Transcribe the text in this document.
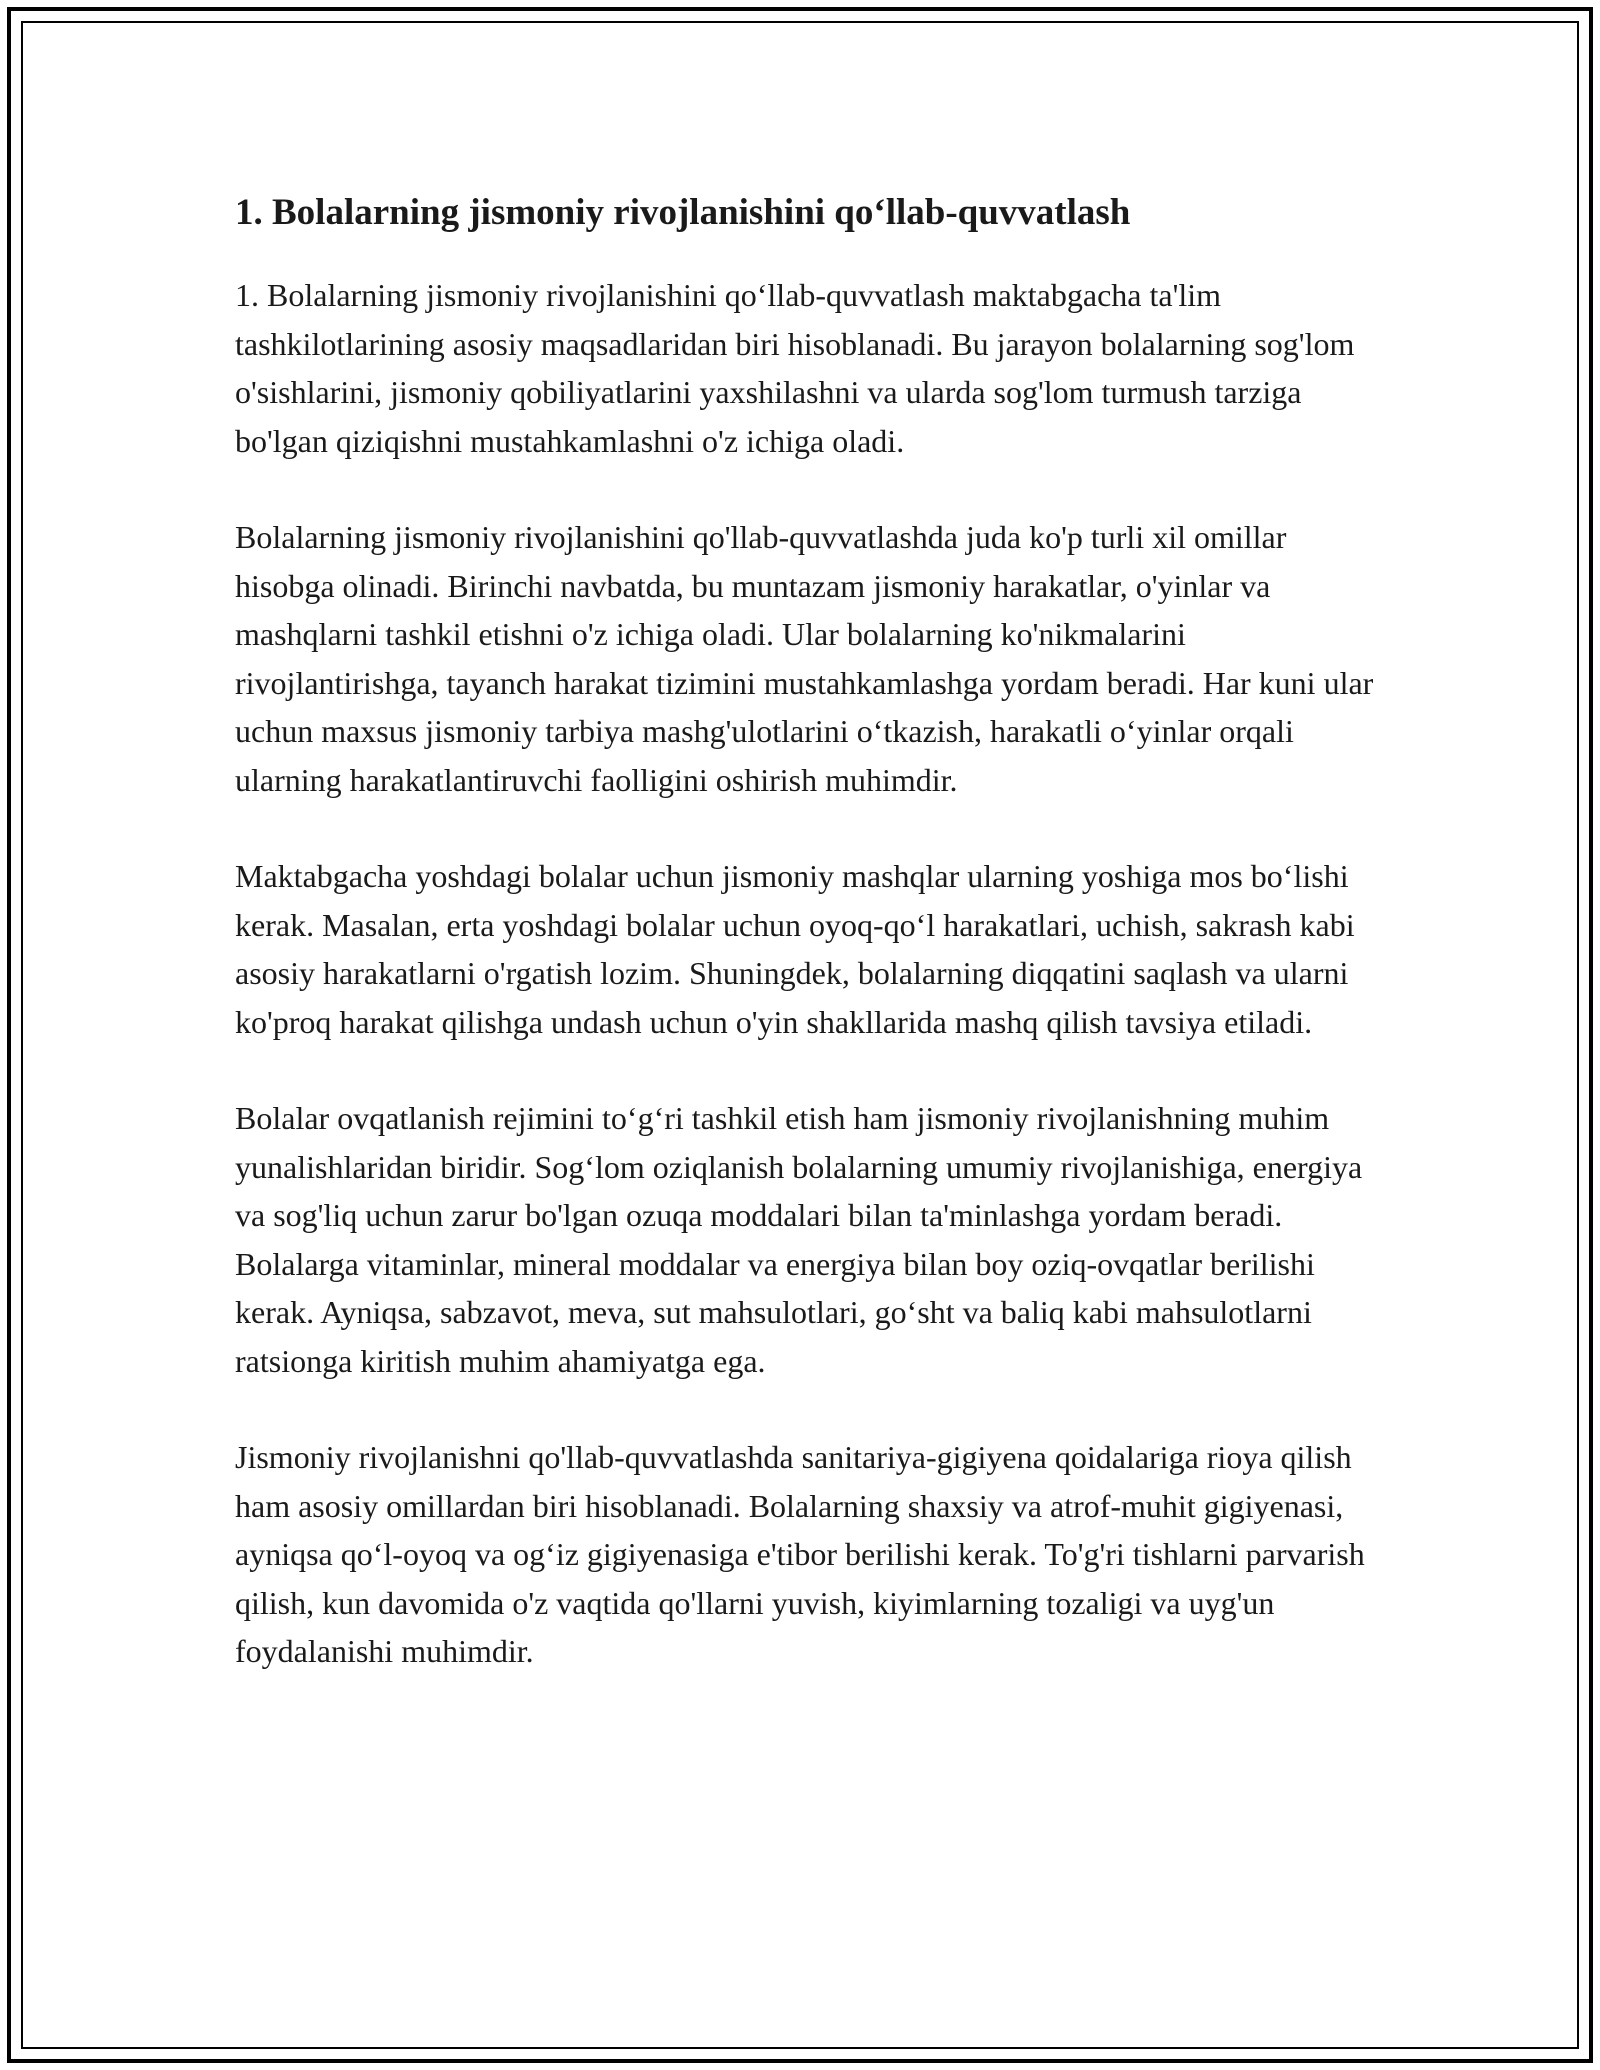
1. Bolalarning jismoniy rivojlanishini qo‘llab-quvvatlash

1. Bolalarning jismoniy rivojlanishini qo‘llab-quvvatlash maktabgacha ta'lim tashkilotlarining asosiy maqsadlaridan biri hisoblanadi. Bu jarayon bolalarning sog'lom o'sishlarini, jismoniy qobiliyatlarini yaxshilashni va ularda sog'lom turmush tarziga bo'lgan qiziqishni mustahkamlashni o'z ichiga oladi.

Bolalarning jismoniy rivojlanishini qo'llab-quvvatlashda juda ko'p turli xil omillar hisobga olinadi. Birinchi navbatda, bu muntazam jismoniy harakatlar, o'yinlar va mashqlarni tashkil etishni o'z ichiga oladi. Ular bolalarning ko'nikmalarini rivojlantirishga, tayanch harakat tizimini mustahkamlashga yordam beradi. Har kuni ular uchun maxsus jismoniy tarbiya mashg'ulotlarini o‘tkazish, harakatli o‘yinlar orqali ularning harakatlantiruvchi faolligini oshirish muhimdir.

Maktabgacha yoshdagi bolalar uchun jismoniy mashqlar ularning yoshiga mos bo‘lishi kerak. Masalan, erta yoshdagi bolalar uchun oyoq-qo‘l harakatlari, uchish, sakrash kabi asosiy harakatlarni o'rgatish lozim. Shuningdek, bolalarning diqqatini saqlash va ularni ko'proq harakat qilishga undash uchun o'yin shakllarida mashq qilish tavsiya etiladi.

Bolalar ovqatlanish rejimini to‘g‘ri tashkil etish ham jismoniy rivojlanishning muhim yunalishlaridan biridir. Sog‘lom oziqlanish bolalarning umumiy rivojlanishiga, energiya va sog'liq uchun zarur bo'lgan ozuqa moddalari bilan ta'minlashga yordam beradi. Bolalarga vitaminlar, mineral moddalar va energiya bilan boy oziq-ovqatlar berilishi kerak. Ayniqsa, sabzavot, meva, sut mahsulotlari, go‘sht va baliq kabi mahsulotlarni ratsionga kiritish muhim ahamiyatga ega.

Jismoniy rivojlanishni qo'llab-quvvatlashda sanitariya-gigiyena qoidalariga rioya qilish ham asosiy omillardan biri hisoblanadi. Bolalarning shaxsiy va atrof-muhit gigiyenasi, ayniqsa qo‘l-oyoq va og‘iz gigiyenasiga e'tibor berilishi kerak. To'g'ri tishlarni parvarish qilish, kun davomida o'z vaqtida qo'llarni yuvish, kiyimlarning tozaligi va uyg'un foydalanishi muhimdir.
